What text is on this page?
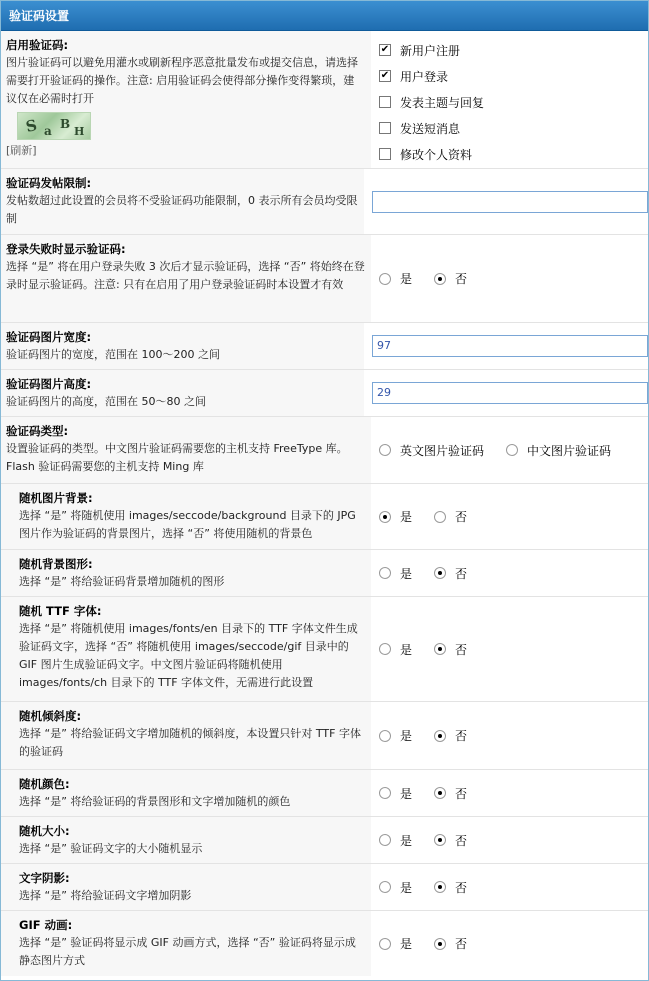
验证码设置
启用验证码:
图片验证码可以避免用灌水或刷新程序恶意批量发布或提交信息，请选择需要打开验证码的操作。注意: 启用验证码会使得部分操作变得繁琐，建议仅在必需时打开
S a B
H
[刷新]
✔ 新用户注册
✔ 用户登录
发表主题与回复
发送短消息
修改个人资料
验证码发帖限制:
发帖数超过此设置的会员将不受验证码功能限制，0 表示所有会员均受限制
登录失败时显示验证码:
选择 “是” 将在用户登录失败 3 次后才显示验证码，选择 “否” 将始终在登录时显示验证码。注意: 只有在启用了用户登录验证码时本设置才有效	是	否
验证码图片宽度:
验证码图片的宽度，范围在 100～200 之间
97
验证码图片高度:
验证码图片的高度，范围在 50～80 之间
29
验证码类型:
设置验证码的类型。中文图片验证码需要您的主机支持 FreeType 库。Flash 验证码需要您的主机支持 Ming 库
英文图片验证码	中文图片验证码
随机图片背景:
选择 “是” 将随机使用 images/seccode/background 目录下的 JPG 图片作为验证码的背景图片，选择 “否” 将使用随机的背景色
是	否
随机背景图形:
选择 “是” 将给验证码背景增加随机的图形
是	否
随机 TTF 字体:
选择 “是” 将随机使用 images/fonts/en 目录下的 TTF 字体文件生成验证码文字，选择 “否” 将随机使用 images/seccode/gif 目录中的 GIF 图片生成验证码文字。中文图片验证码将随机使用 images/fonts/ch 目录下的 TTF 字体文件，无需进行此设置
是	否
随机倾斜度:
选择 “是” 将给验证码文字增加随机的倾斜度，本设置只针对 TTF 字体的验证码
是	否
随机颜色:
选择 “是” 将给验证码的背景图形和文字增加随机的颜色
是	否
随机大小:
选择 “是” 验证码文字的大小随机显示
是	否
文字阴影:
选择 “是” 将给验证码文字增加阴影
是	否
GIF 动画:
选择 “是” 验证码将显示成 GIF 动画方式，选择 “否” 验证码将显示成静态图片方式
是	否
